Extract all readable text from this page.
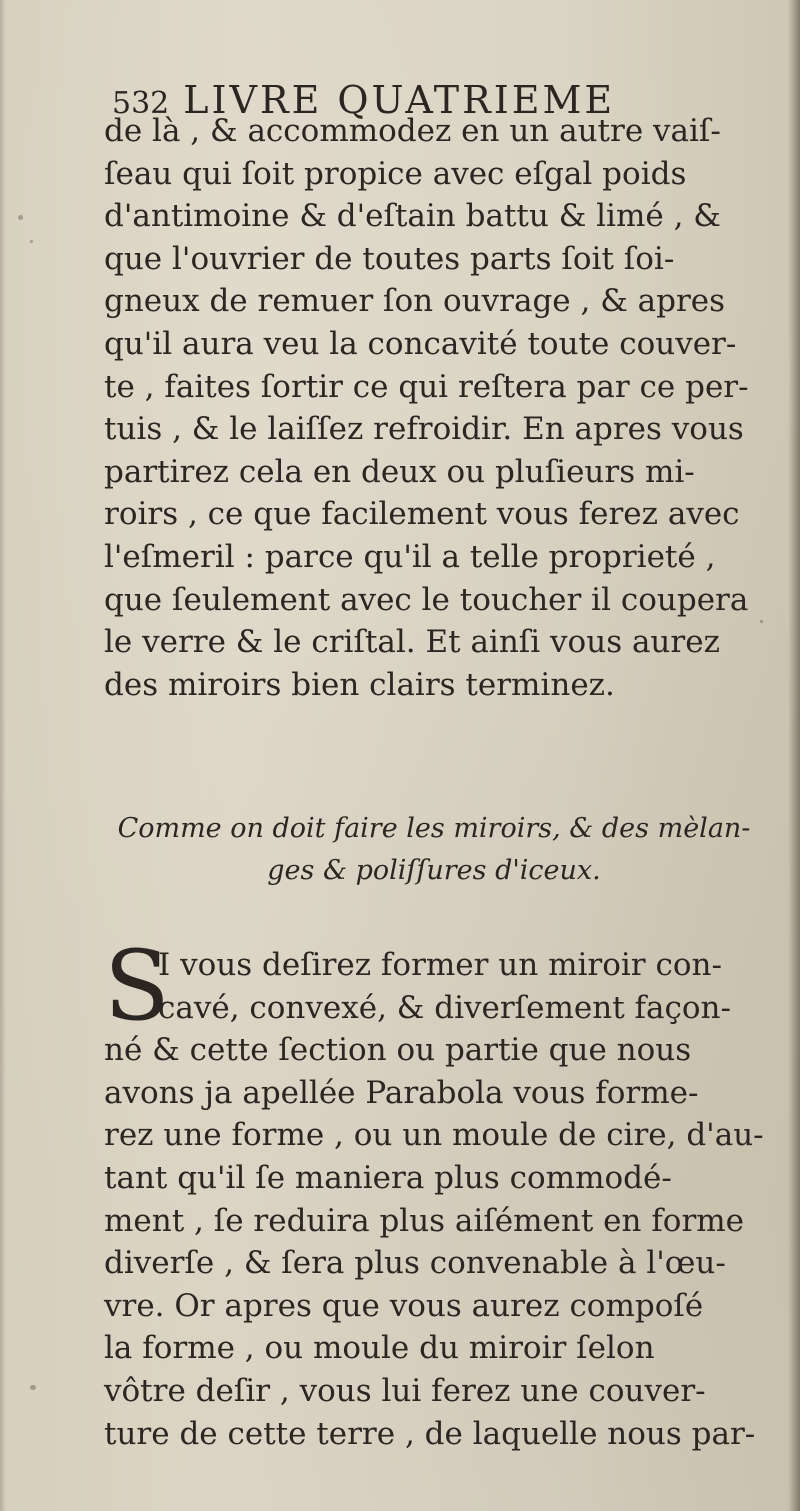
532 LIVRE QUATRIEME
de là , & accommodez en un autre vaiſ-
ſeau qui ſoit propice avec eſgal poids
d'antimoine & d'eſtain battu & limé , &
que l'ouvrier de toutes parts ſoit ſoi-
gneux de remuer ſon ouvrage , & apres
qu'il aura veu la concavité toute couver-
te , faites ſortir ce qui reſtera par ce per-
tuis , & le laiſſez refroidir. En apres vous
partirez cela en deux ou pluſieurs mi-
roirs , ce que facilement vous ferez avec
l'eſmeril : parce qu'il a telle proprieté ,
que ſeulement avec le toucher il coupera
le verre & le criſtal. Et ainſi vous aurez
des miroirs bien clairs terminez.
Comme on doit faire les miroirs, & des mèlan-
ges & poliſſures d'iceux.
S
I vous deſirez former un miroir con-
cavé, convexé, & diverſement façon-
né & cette ſection ou partie que nous
avons ja apellée Parabola vous forme-
rez une forme , ou un moule de cire, d'au-
tant qu'il ſe maniera plus commodé-
ment , ſe reduira plus aiſément en forme
diverſe , & ſera plus convenable à l'œu-
vre. Or apres que vous aurez compoſé
la forme , ou moule du miroir ſelon
vôtre deſir , vous lui ferez une couver-
ture de cette terre , de laquelle nous par-
